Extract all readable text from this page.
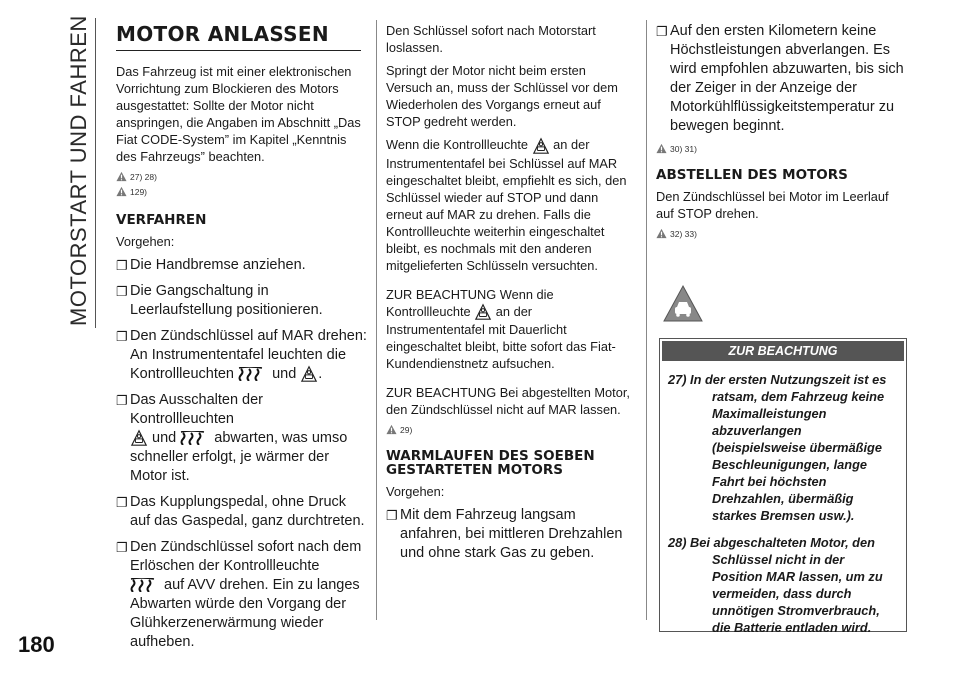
MOTORSTART UND FAHREN
180
MOTOR ANLASSEN

Das Fahrzeug ist mit einer elektronischen Vorrichtung zum Blockieren des Motors ausgestattet: Sollte der Motor nicht anspringen, die Angaben im Abschnitt „Das Fiat CODE-System” im Kapitel „Kenntnis des Fahrzeugs” beachten.

27) 28)
129)
VERFAHREN

Vorgehen:

❐ Die Handbremse anziehen.
❐ Die Gangschaltung in Leerlaufstellung positionieren.
❐ Den Zündschlüssel auf MAR drehen: An Instrumententafel leuchten die Kontrollleuchten	und .
❐ Das Ausschalten der Kontrollleuchten
und	abwarten, was umso schneller erfolgt, je wärmer der Motor ist.
❐ Das Kupplungspedal, ohne Druck auf das Gaspedal, ganz durchtreten.
❐ Den Zündschlüssel sofort nach dem Erlöschen der Kontrollleuchte
auf AVV drehen. Ein zu langes Abwarten würde den Vorgang der Glühkerzenerwärmung wieder aufheben.

Den Schlüssel sofort nach Motorstart loslassen.

Springt der Motor nicht beim ersten Versuch an, muss der Schlüssel vor dem Wiederholen des Vorgangs erneut auf STOP gedreht werden.

Wenn die Kontrollleuchte an der Instrumententafel bei Schlüssel auf MAR eingeschaltet bleibt, empfiehlt es sich, den Schlüssel wieder auf STOP und dann erneut auf MAR zu drehen. Falls die Kontrollleuchte weiterhin eingeschaltet bleibt, es nochmals mit den anderen mitgelieferten Schlüsseln versuchten.

ZUR BEACHTUNG Wenn die Kontrollleuchte an der Instrumententafel mit Dauerlicht eingeschaltet bleibt, bitte sofort das Fiat-Kundendienstnetz aufsuchen.

ZUR BEACHTUNG Bei abgestellten Motor, den Zündschlüssel nicht auf MAR lassen.

29)
WARMLAUFEN DES SOEBEN GESTARTETEN MOTORS

Vorgehen:

❐ Mit dem Fahrzeug langsam anfahren, bei mittleren Drehzahlen und ohne stark Gas zu geben.
❐ Auf den ersten Kilometern keine Höchstleistungen abverlangen. Es wird empfohlen abzuwarten, bis sich der Zeiger in der Anzeige der Motorkühlflüssigkeitstemperatur zu bewegen beginnt.
30) 31)
ABSTELLEN DES MOTORS

Den Zündschlüssel bei Motor im Leerlauf auf STOP drehen.

32) 33)
ZUR BEACHTUNG
27) In der ersten Nutzungszeit ist es ratsam, dem Fahrzeug keine Maximalleistungen abzuverlangen (beispielsweise übermäßige Beschleunigungen, lange Fahrt bei höchsten Drehzahlen, übermäßig starkes Bremsen usw.).
28) Bei abgeschalteten Motor, den Schlüssel nicht in der Position MAR lassen, um zu vermeiden, dass durch unnötigen Stromverbrauch, die Batterie entladen wird.
